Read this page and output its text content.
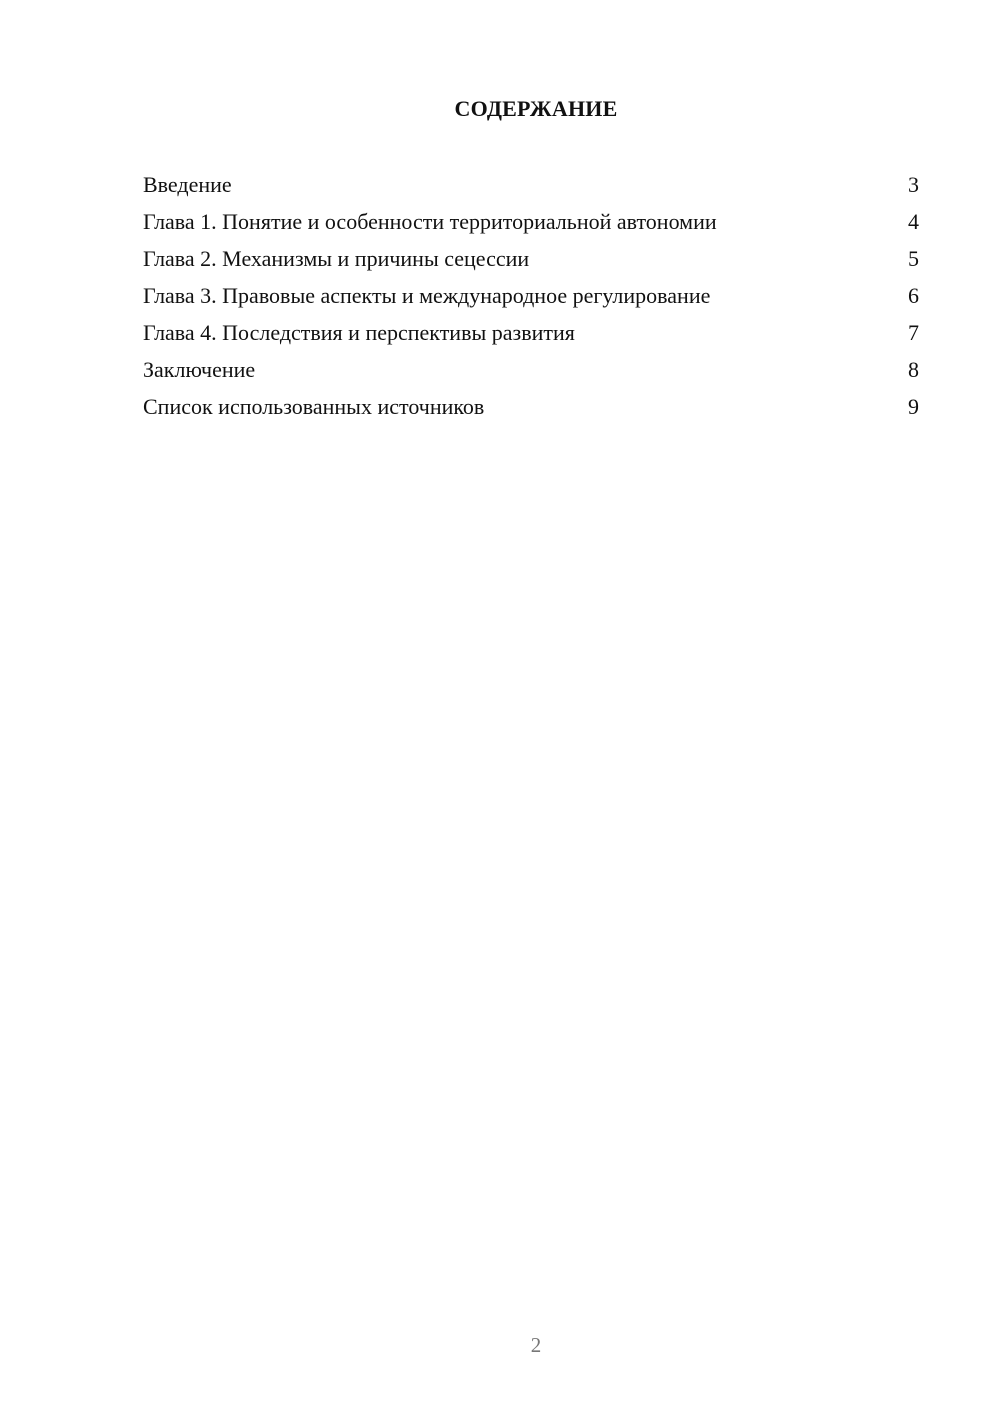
СОДЕРЖАНИЕ
Введение	3
Глава 1. Понятие и особенности территориальной автономии	4
Глава 2. Механизмы и причины сецессии	5
Глава 3. Правовые аспекты и международное регулирование	6
Глава 4. Последствия и перспективы развития	7
Заключение	8
Список использованных источников	9

2
